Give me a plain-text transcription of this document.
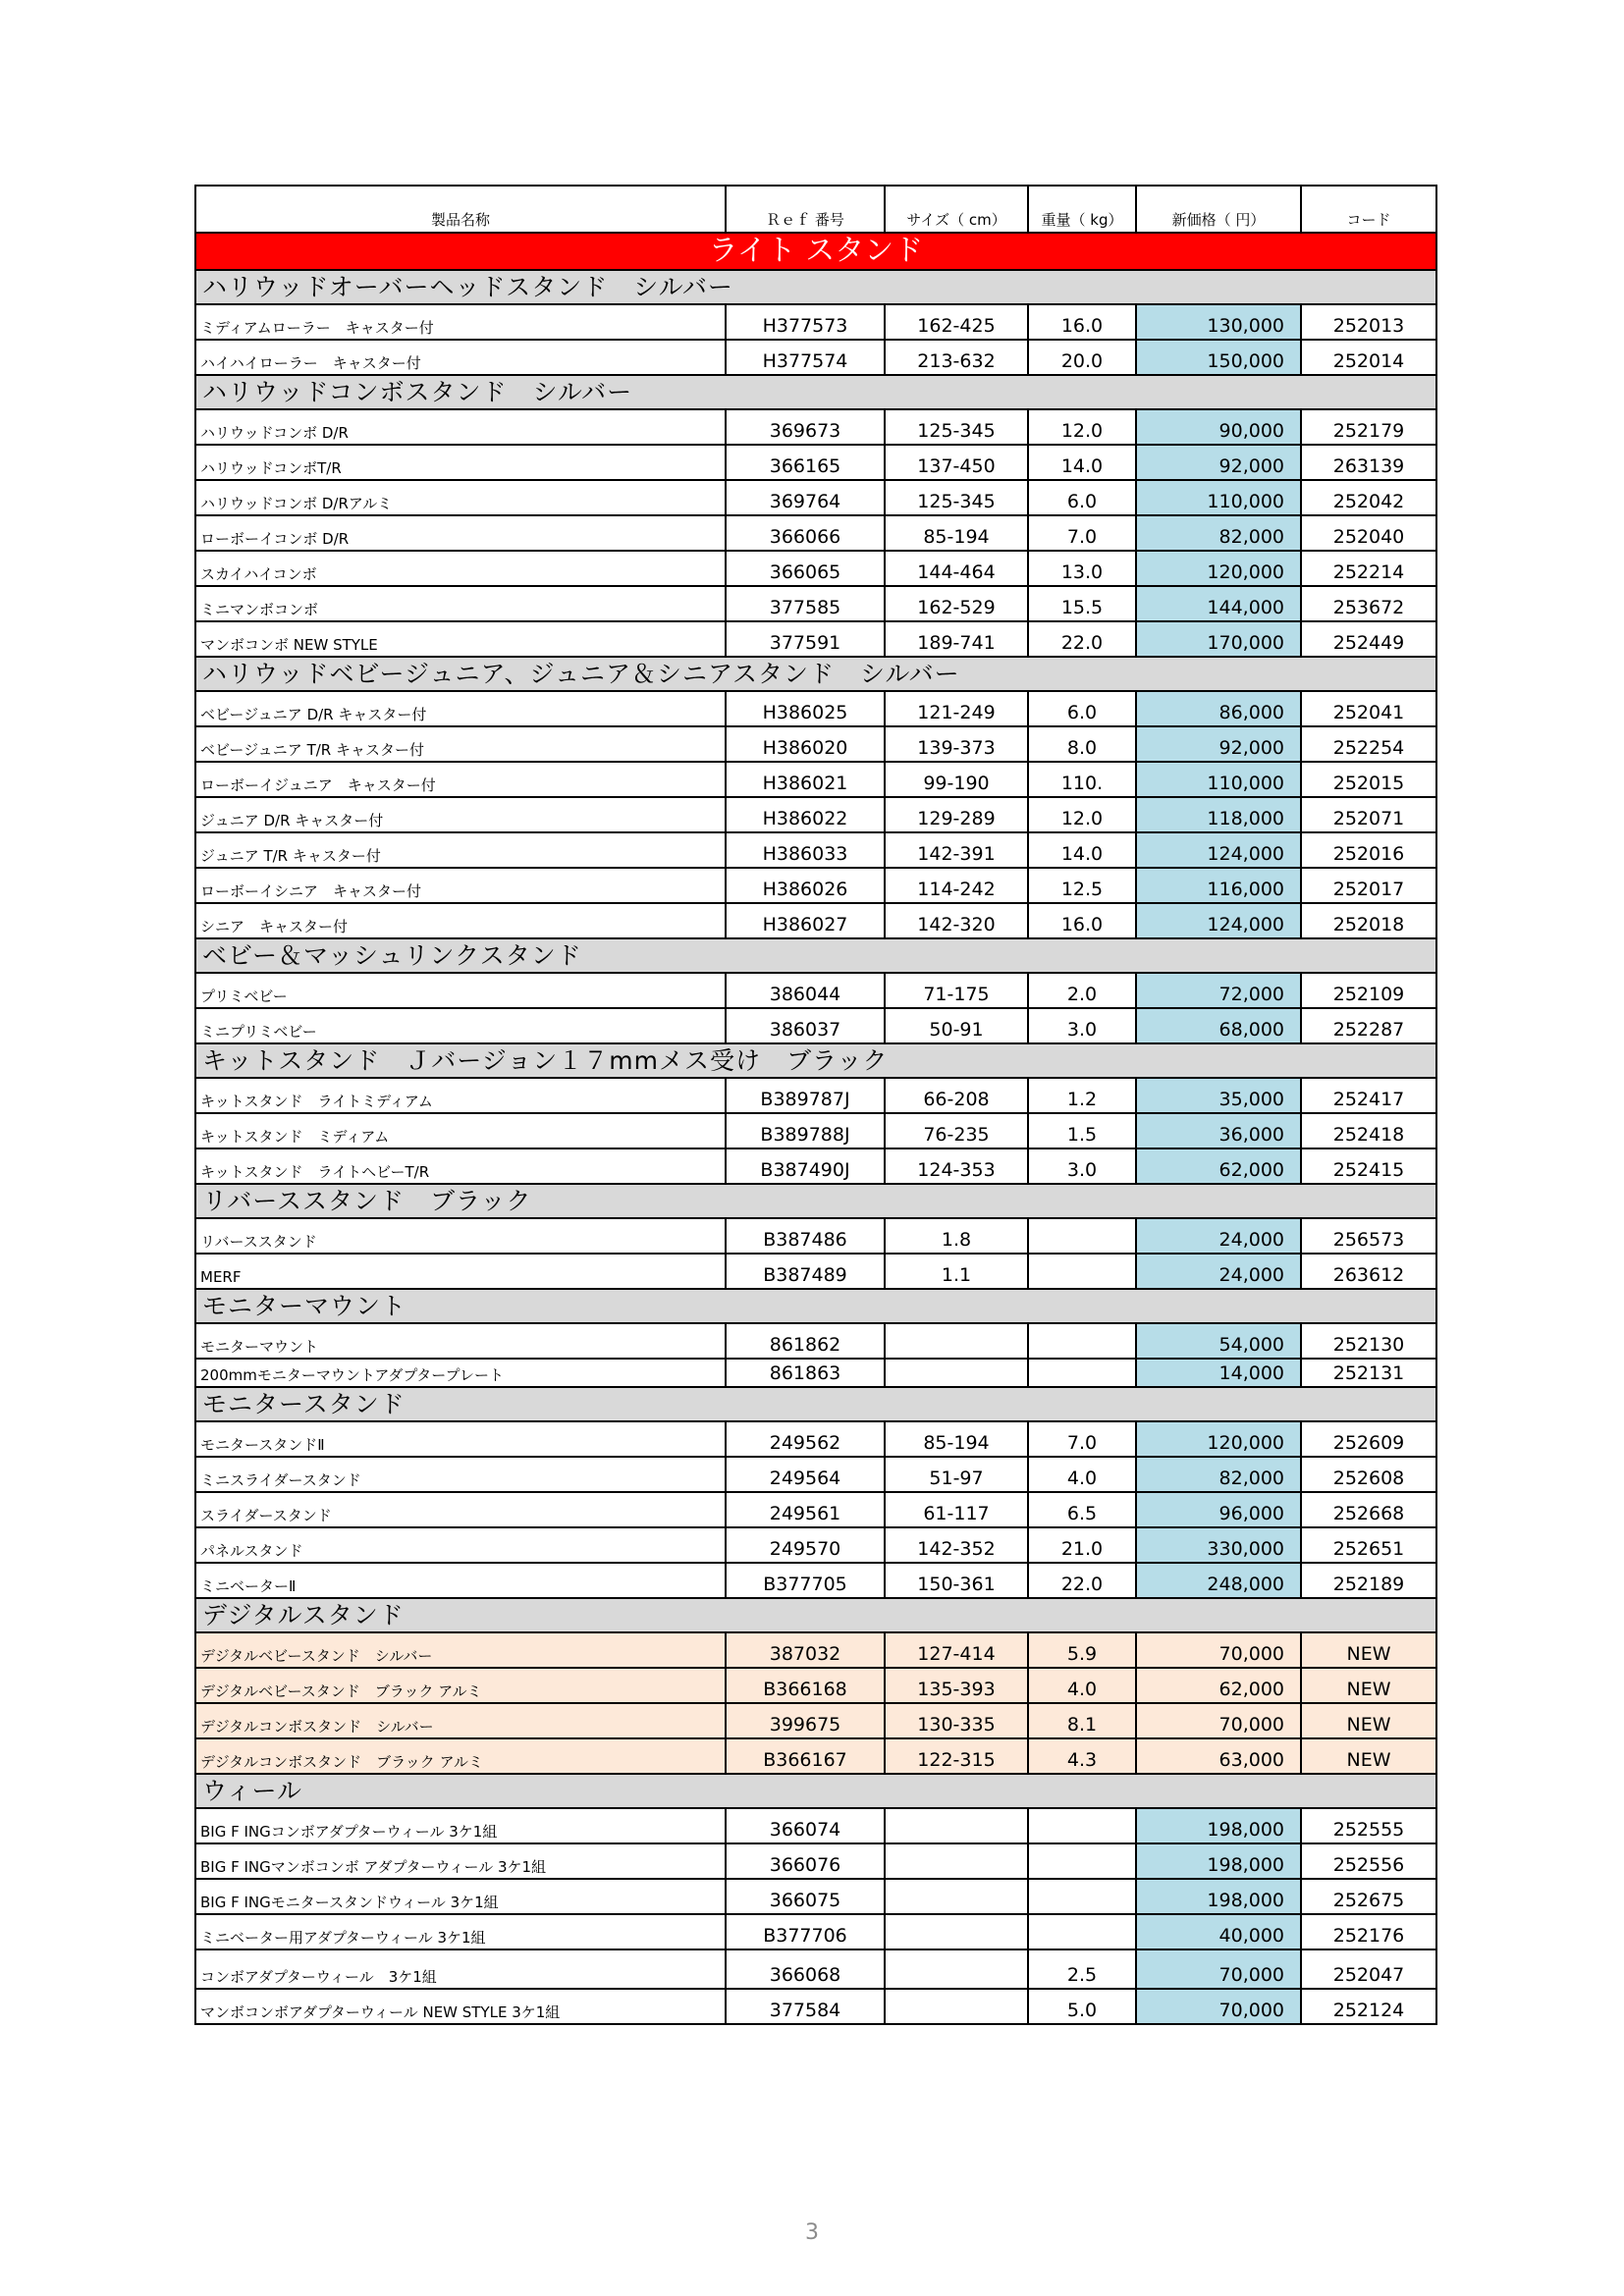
製品名称	Ｒｅｆ 番号	サイズ（ cm）	重量（ kg）	新価格（ 円）	コード
ライト スタンド					
ハリウッドオーバーヘッドスタンド　シルバー					
ミディアムローラー　キャスター付	H377573	162-425	16.0	130,000	252013
ハイハイローラー　キャスター付	H377574	213-632	20.0	150,000	252014
ハリウッドコンボスタンド　シルバー					
ハリウッドコンボ D/R	369673	125-345	12.0	90,000	252179
ハリウッドコンボT/R	366165	137-450	14.0	92,000	263139
ハリウッドコンボ D/Rアルミ	369764	125-345	6.0	110,000	252042
ローボーイコンボ D/R	366066	85-194	7.0	82,000	252040
スカイハイコンボ	366065	144-464	13.0	120,000	252214
ミニマンボコンボ	377585	162-529	15.5	144,000	253672
マンボコンボ NEW STYLE	377591	189-741	22.0	170,000	252449
ハリウッドベビージュニア、ジュニア＆シニアスタンド　シルバー					
ベビージュニア D/R キャスター付	H386025	121-249	6.0	86,000	252041
ベビージュニア T/R キャスター付	H386020	139-373	8.0	92,000	252254
ローボーイジュニア　キャスター付	H386021	99-190	110.	110,000	252015
ジュニア D/R キャスター付	H386022	129-289	12.0	118,000	252071
ジュニア T/R キャスター付	H386033	142-391	14.0	124,000	252016
ローボーイシニア　キャスター付	H386026	114-242	12.5	116,000	252017
シニア　キャスター付	H386027	142-320	16.0	124,000	252018
ベビー＆マッシュリンクスタンド					
プリミベビー	386044	71-175	2.0	72,000	252109
ミニプリミベビー	386037	50-91	3.0	68,000	252287
キットスタンド　Ｊバージョン１７mmメス受け　ブラック					
キットスタンド　ライトミディアム	B389787J	66-208	1.2	35,000	252417
キットスタンド　ミディアム	B389788J	76-235	1.5	36,000	252418
キットスタンド　ライトヘビーT/R	B387490J	124-353	3.0	62,000	252415
リバーススタンド　ブラック					
リバーススタンド	B387486	1.8		24,000	256573
MERF	B387489	1.1		24,000	263612
モニターマウント					
モニターマウント	861862			54,000	252130
200mmモニターマウントアダプタープレート	861863			14,000	252131
モニタースタンド					
モニタースタンドⅡ	249562	85-194	7.0	120,000	252609
ミニスライダースタンド	249564	51-97	4.0	82,000	252608
スライダースタンド	249561	61-117	6.5	96,000	252668
パネルスタンド	249570	142-352	21.0	330,000	252651
ミニベーターⅡ	B377705	150-361	22.0	248,000	252189
デジタルスタンド					
デジタルベビースタンド　シルバー	387032	127-414	5.9	70,000	NEW
デジタルベビースタンド　ブラック アルミ	B366168	135-393	4.0	62,000	NEW
デジタルコンボスタンド　シルバー	399675	130-335	8.1	70,000	NEW
デジタルコンボスタンド　ブラック アルミ	B366167	122-315	4.3	63,000	NEW
ウィール					
BIG F INGコンボアダプターウィール 3ケ1組	366074			198,000	252555
BIG F INGマンボコンボ アダプターウィール 3ケ1組	366076			198,000	252556
BIG F INGモニタースタンドウィール 3ケ1組	366075			198,000	252675
ミニベーター用アダプターウィール 3ケ1組	B377706			40,000	252176
コンボアダプターウィール　3ケ1組	366068		2.5	70,000	252047
マンボコンボアダプターウィール NEW STYLE 3ケ1組	377584		5.0	70,000	252124
3
